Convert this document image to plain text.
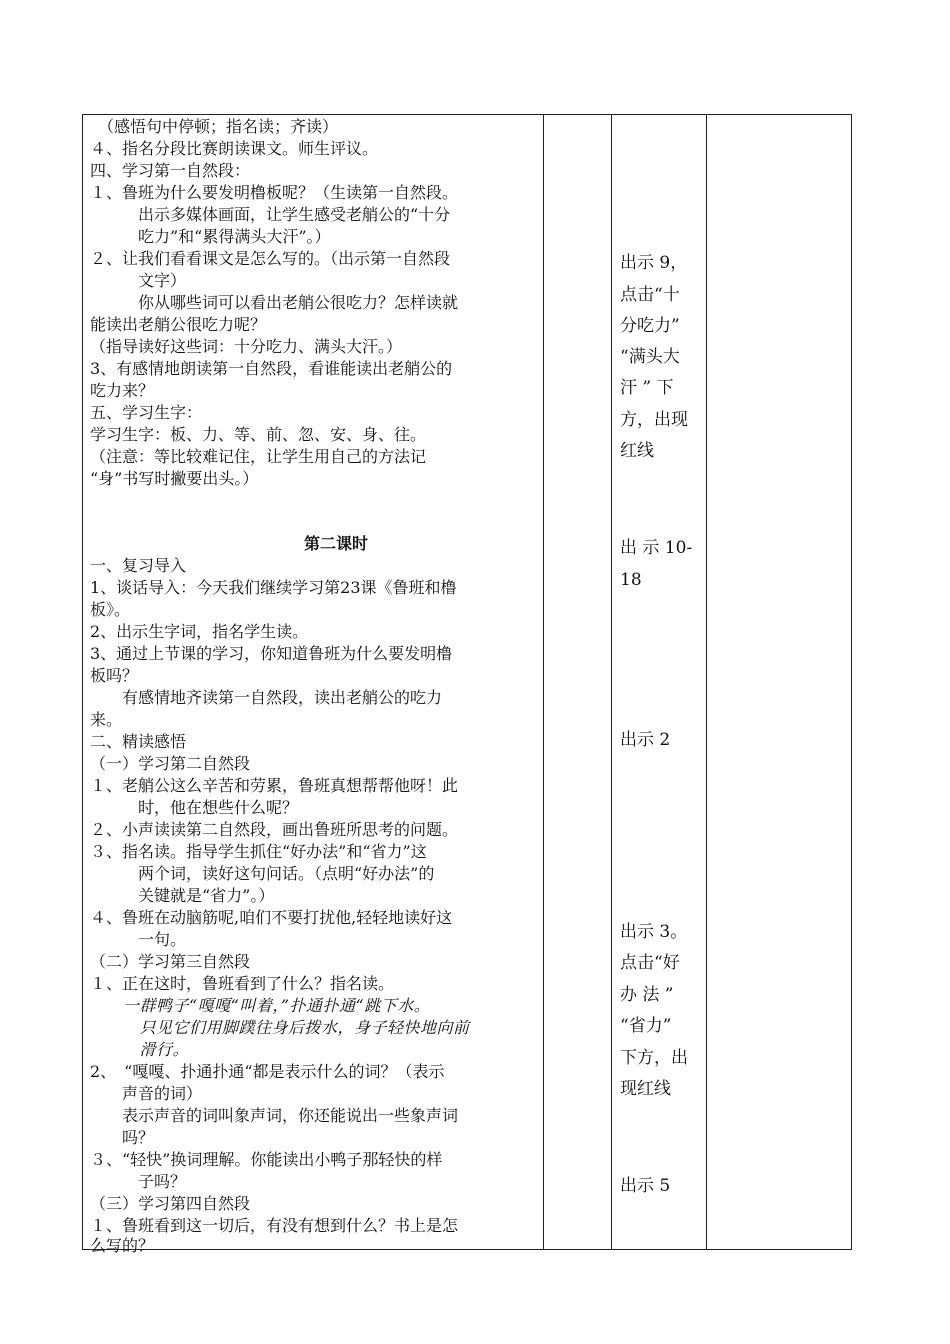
　（感悟句中停顿；指名读；齐读）
４、指名分段比赛朗读课文。师生评议。
四、学习第一自然段：
１、鲁班为什么要发明橹板呢？（生读第一自然段。
　　　出示多媒体画面，让学生感受老艄公的“十分
　　　吃力”和“累得满头大汗”。）
２、让我们看看课文是怎么写的。（出示第一自然段
　　　文字）
　　　你从哪些词可以看出老艄公很吃力？怎样读就
能读出老艄公很吃力呢？
（指导读好这些词：十分吃力、满头大汗。）
3、有感情地朗读第一自然段，看谁能读出老艄公的
吃力来？
五、学习生字：
学习生字：板、力、等、前、忽、安、身、往。
（注意：等比较难记住，让学生用自己的方法记
“身”书写时撇要出头。）
第二课时
一、复习导入
1、谈话导入：今天我们继续学习第23课《鲁班和橹
板》。
2、出示生字词，指名学生读。
3、通过上节课的学习，你知道鲁班为什么要发明橹
板吗？
　　有感情地齐读第一自然段，读出老艄公的吃力
来。
二、精读感悟
（一）学习第二自然段
１、老艄公这么辛苦和劳累，鲁班真想帮帮他呀！此
　　　时，他在想些什么呢？
２、小声读读第二自然段，画出鲁班所思考的问题。
３、指名读。指导学生抓住“好办法”和“省力”这
　　　两个词，读好这句问话。（点明“好办法”的
　　　关键就是“省力”。）
４、鲁班在动脑筋呢,咱们不要打扰他,轻轻地读好这
　　　一句。
（二）学习第三自然段
１、正在这时，鲁班看到了什么？指名读。
　　一群鸭子“嘎嘎“叫着，”扑通扑通“跳下水。
　　　只见它们用脚蹼往身后拨水，身子轻快地向前
　　　滑行。
2、　“嘎嘎、扑通扑通“都是表示什么的词？（表示
　　声音的词）
　　表示声音的词叫象声词，你还能说出一些象声词
　　吗？
３、“轻快”换词理解。你能读出小鸭子那轻快的样
　　　子吗？
（三）学习第四自然段
１、鲁班看到这一切后，有没有想到什么？书上是怎
么写的？
出示 9，
点击“十
分吃力”
“满头大
汗 ” 下
方，出现
红线
出 示 10-
18
出示 2
出示 3。
点击“好
办 法 ”
“省力”
下方，出
现红线
出示 5
